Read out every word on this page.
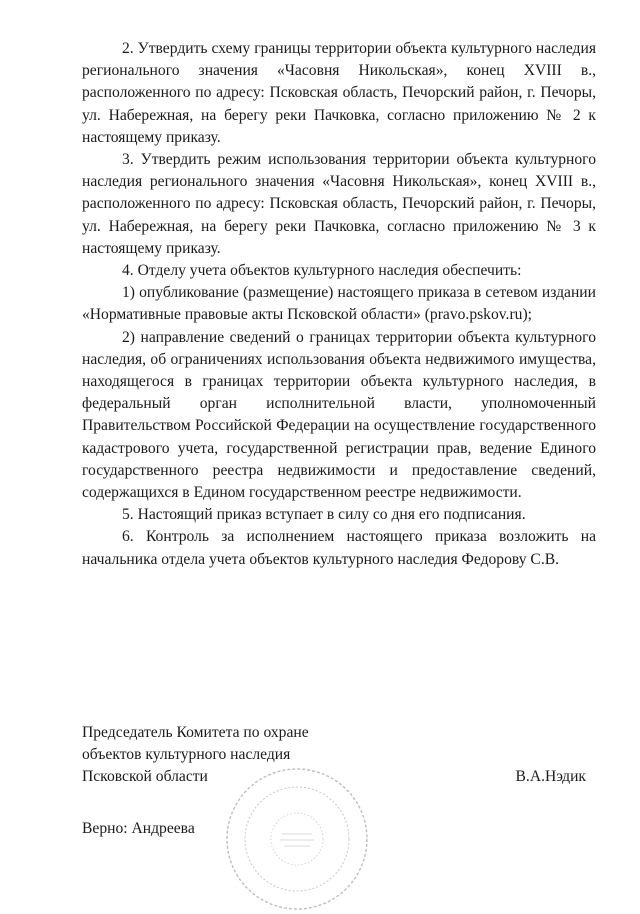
2. Утвердить схему границы территории объекта культурного наследия регионального значения «Часовня Никольская», конец XVIII в., расположенного по адресу: Псковская область, Печорский район, г. Печоры, ул. Набережная, на берегу реки Пачковка, согласно приложению № 2 к настоящему приказу.

3. Утвердить режим использования территории объекта культурного наследия регионального значения «Часовня Никольская», конец XVIII в., расположенного по адресу: Псковская область, Печорский район, г. Печоры, ул. Набережная, на берегу реки Пачковка, согласно приложению № 3 к настоящему приказу.

4. Отделу учета объектов культурного наследия обеспечить:

1) опубликование (размещение) настоящего приказа в сетевом издании «Нормативные правовые акты Псковской области» (pravo.pskov.ru);

2) направление сведений о границах территории объекта культурного наследия, об ограничениях использования объекта недвижимого имущества, находящегося в границах территории объекта культурного наследия, в федеральный орган исполнительной власти, уполномоченный Правительством Российской Федерации на осуществление государственного кадастрового учета, государственной регистрации прав, ведение Единого государственного реестра недвижимости и предоставление сведений, содержащихся в Едином государственном реестре недвижимости.

5. Настоящий приказ вступает в силу со дня его подписания.

6. Контроль за исполнением настоящего приказа возложить на начальника отдела учета объектов культурного наследия Федорову С.В.

Председатель Комитета по охране
объектов культурного наследия
Псковской области	В.А.Нэдик
Верно: Андреева
